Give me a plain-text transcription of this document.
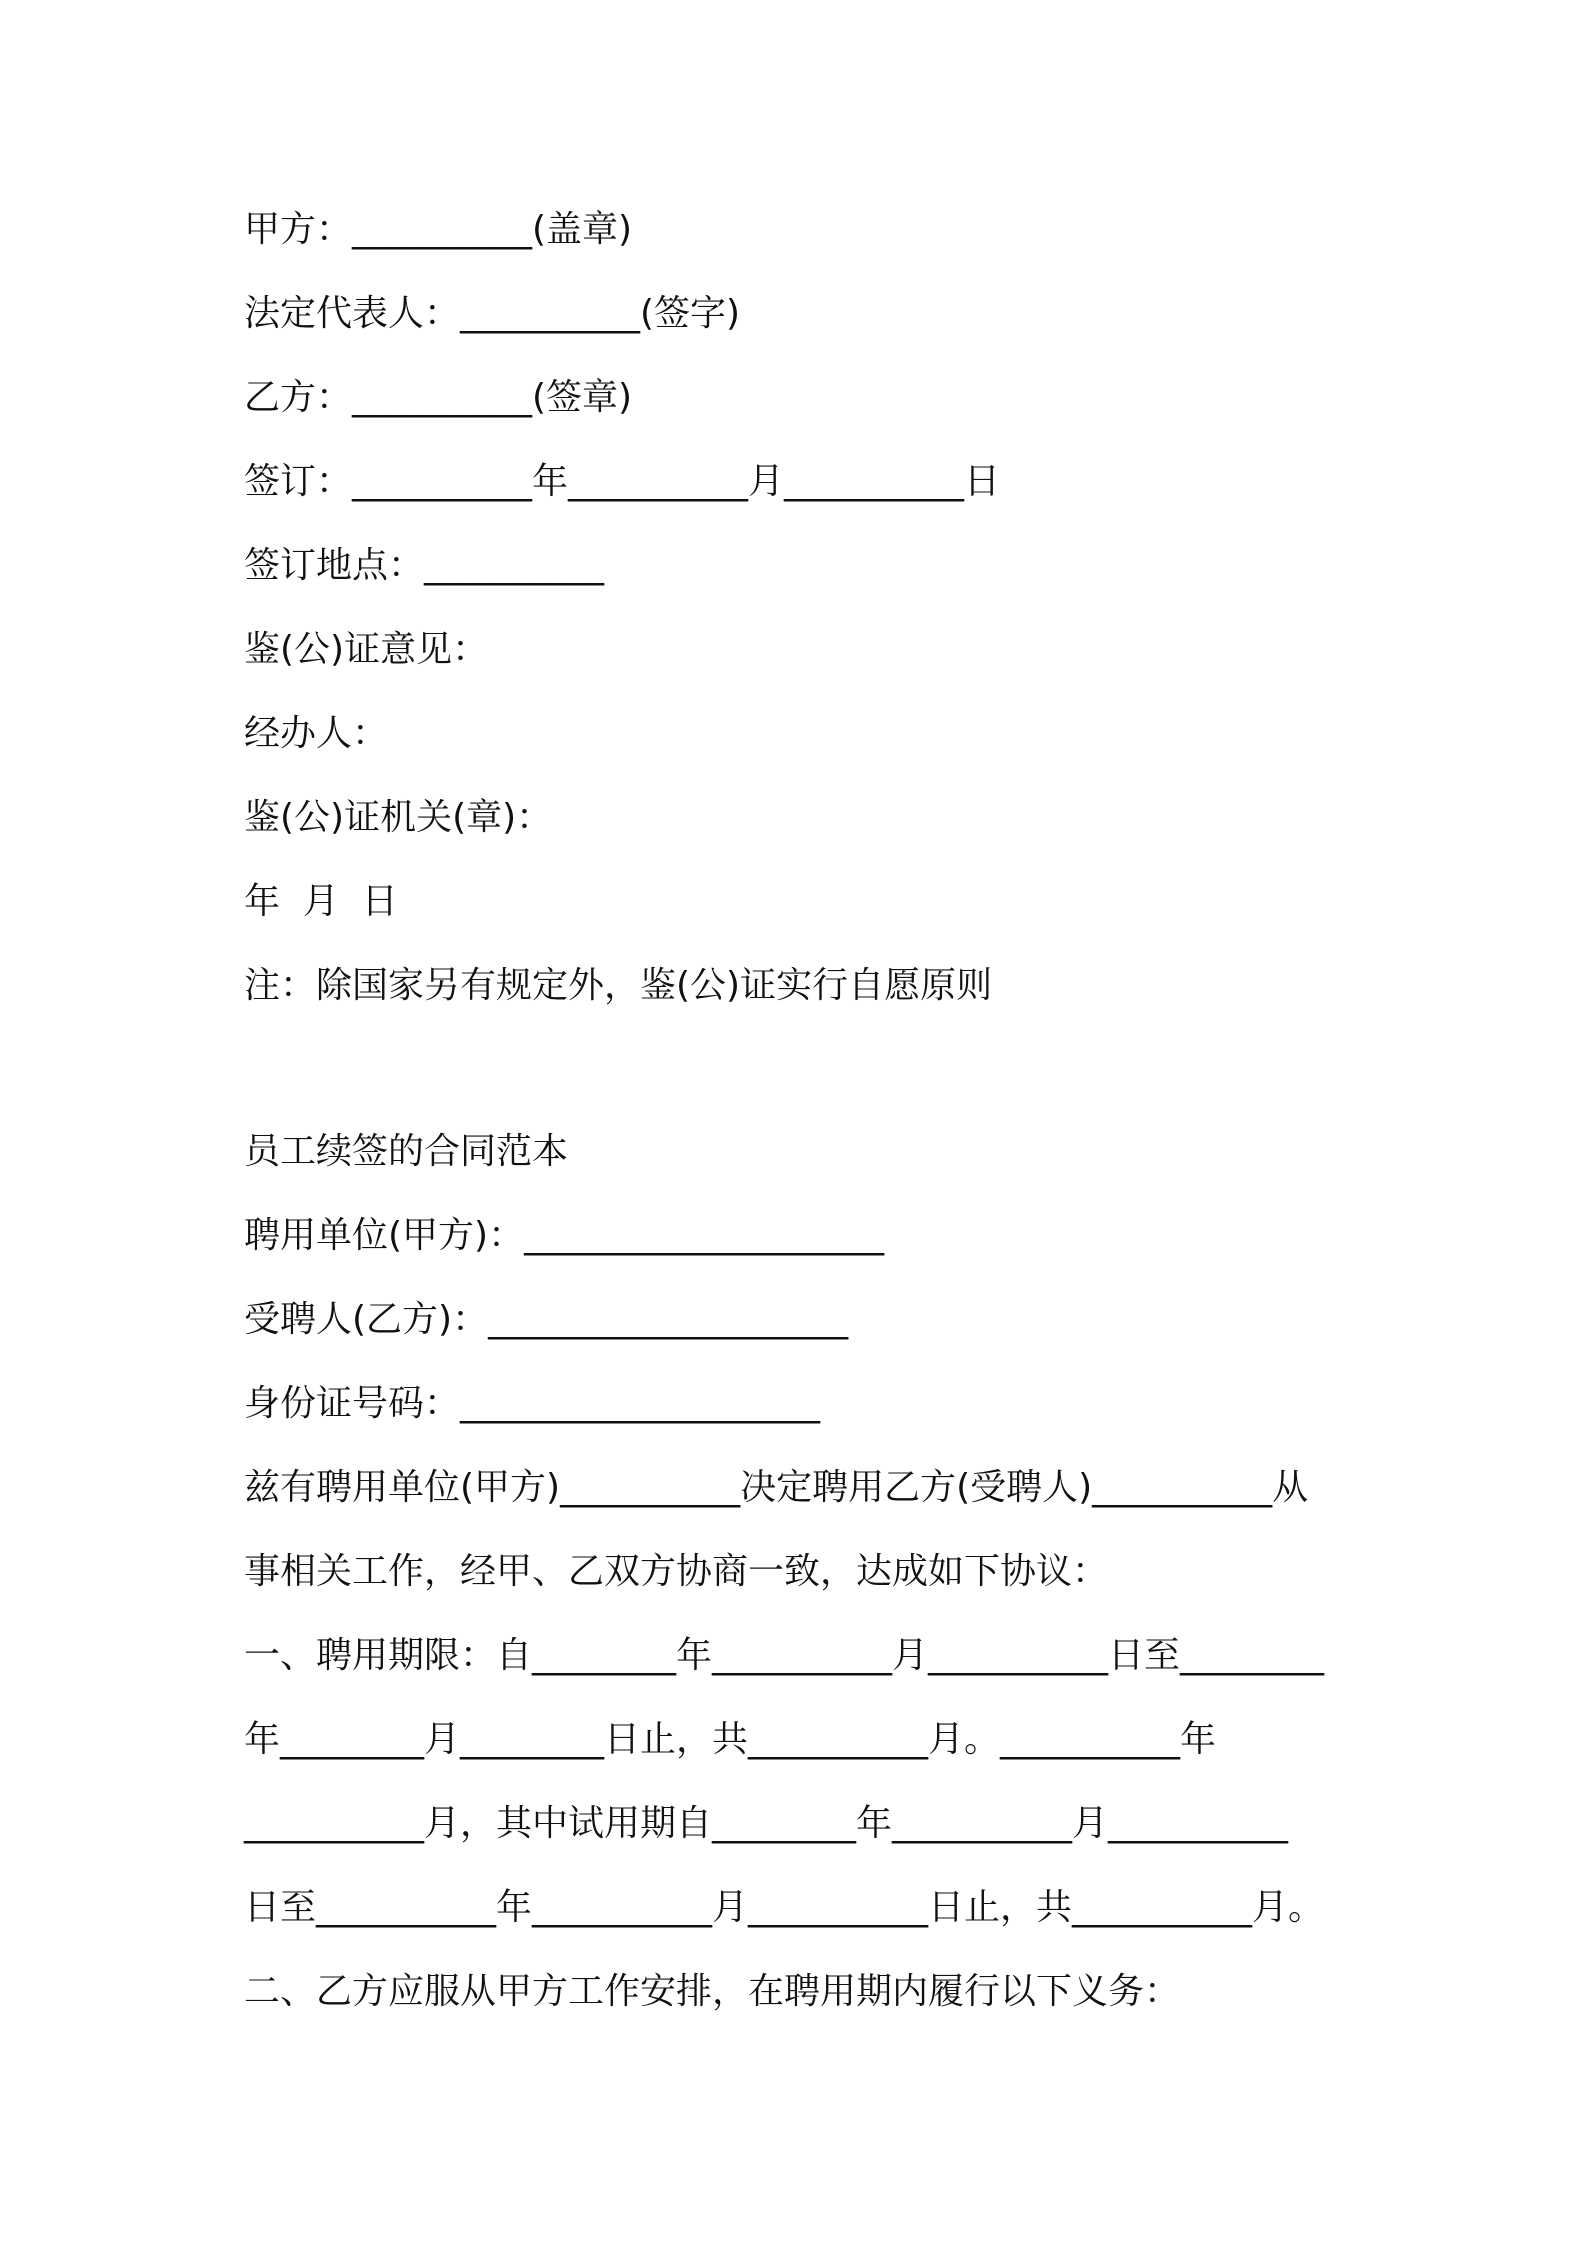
甲方：__________(盖章)
法定代表人：__________(签字)
乙方：__________(签章)
签订：__________年__________月__________日
签订地点：__________
鉴(公)证意见：
经办人：
鉴(公)证机关(章)：
年  月  日
注：除国家另有规定外，鉴(公)证实行自愿原则
员工续签的合同范本
聘用单位(甲方)：____________________
受聘人(乙方)：____________________
身份证号码：____________________
兹有聘用单位(甲方)__________决定聘用乙方(受聘人)__________从
事相关工作，经甲、乙双方协商一致，达成如下协议：
一、聘用期限：自________年__________月__________日至________
年________月________日止，共__________月。__________年
__________月，其中试用期自________年__________月__________
日至__________年__________月__________日止，共__________月。
二、乙方应服从甲方工作安排，在聘用期内履行以下义务：
